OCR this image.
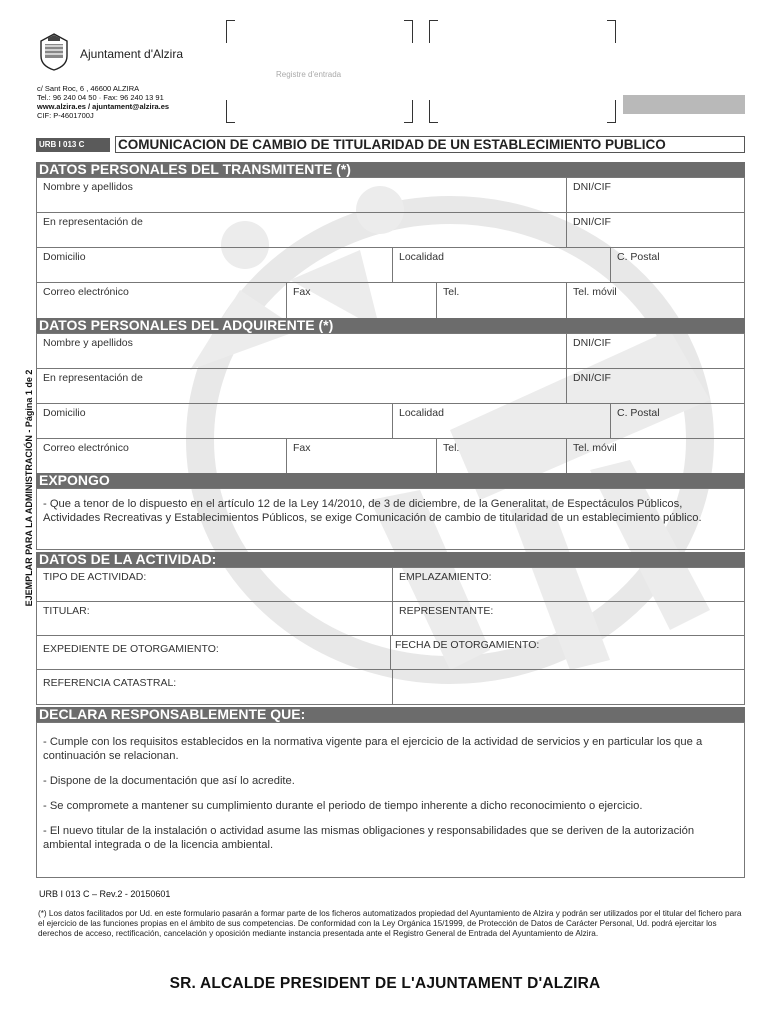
Ajuntament d'Alzira
c/ Sant Roc, 6 , 46600 ALZIRA
Tel.: 96 240 04 50 · Fax: 96 240 13 91
www.alzira.es / ajuntament@alzira.es
CIF: P-4601700J
Registre d'entrada
URB I 013 C	COMUNICACION DE CAMBIO DE TITULARIDAD DE UN ESTABLECIMIENTO PUBLICO
EJEMPLAR PARA LA ADMINISTRACIÓN - Página 1 de 2
DATOS PERSONALES DEL TRANSMITENTE (*)
Nombre y apellidos	DNI/CIF
En representación de	DNI/CIF
Domicilio	Localidad	C. Postal
Correo electrónico	Fax	Tel.	Tel. móvil
DATOS PERSONALES DEL ADQUIRENTE (*)
Nombre y apellidos	DNI/CIF
En representación de	DNI/CIF
Domicilio	Localidad	C. Postal
Correo electrónico	Fax	Tel.	Tel. móvil
EXPONGO

- Que a tenor de lo dispuesto en el artículo 12 de la Ley 14/2010, de 3 de diciembre, de la Generalitat, de Espectáculos Públicos, Actividades Recreativas y Establecimientos Públicos, se exige Comunicación de cambio de titularidad de un establecimiento público.

DATOS DE LA ACTIVIDAD:
TIPO DE ACTIVIDAD:	EMPLAZAMIENTO:
TITULAR:	REPRESENTANTE:
EXPEDIENTE DE OTORGAMIENTO:	FECHA DE OTORGAMIENTO:
REFERENCIA CATASTRAL:
DECLARA RESPONSABLEMENTE QUE:

- Cumple con los requisitos establecidos en la normativa vigente para el ejercicio de la actividad de servicios y en particular los que a continuación se relacionan.

- Dispone de la documentación que así lo acredite.

- Se compromete a mantener su cumplimiento durante el periodo de tiempo inherente a dicho reconocimiento o ejercicio.

- El nuevo titular de la instalación o actividad asume las mismas obligaciones y responsabilidades que se deriven de la autorización ambiental integrada o de la licencia ambiental.

URB I 013 C – Rev.2 - 20150601
(*) Los datos facilitados por Ud. en este formulario pasarán a formar parte de los ficheros automatizados propiedad del Ayuntamiento de Alzira y podrán ser utilizados por el titular del fichero para el ejercicio de las funciones propias en el ámbito de sus competencias. De conformidad con la Ley Orgánica 15/1999, de Protección de Datos de Carácter Personal, Ud. podrá ejercitar los derechos de acceso, rectificación, cancelación y oposición mediante instancia presentada ante el Registro General de Entrada del Ayuntamiento de Alzira.
SR. ALCALDE PRESIDENT DE L'AJUNTAMENT D'ALZIRA
